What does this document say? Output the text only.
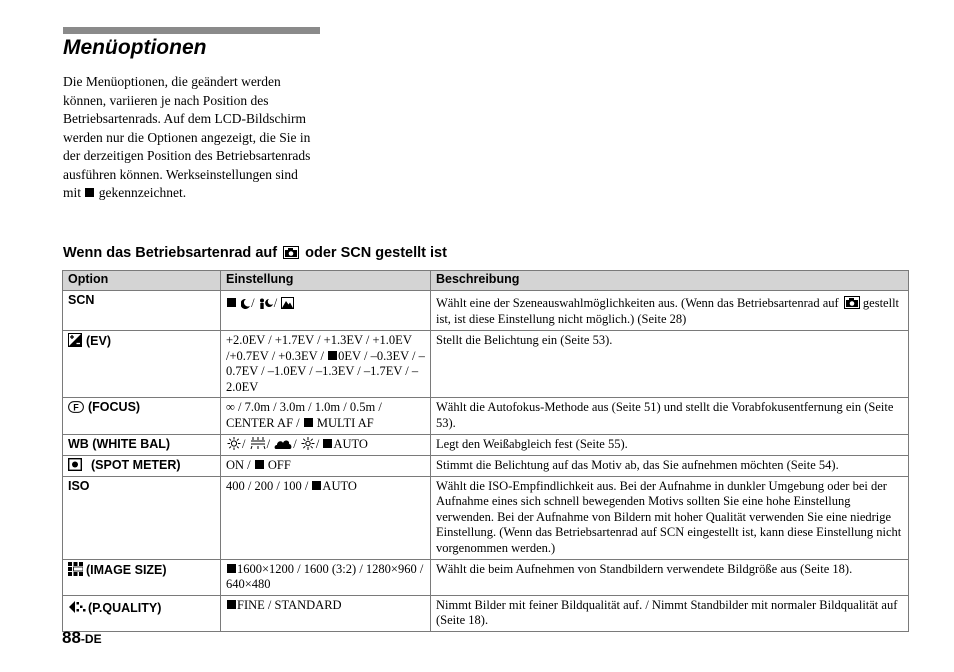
Menüoptionen

Die Menüoptionen, die geändert werden können, variieren je nach Position des Betriebsartenrads. Auf dem LCD-Bildschirm werden nur die Optionen angezeigt, die Sie in der derzeitigen Position des Betriebsartenrads ausführen können. Werkseinstellungen sind mit gekennzeichnet.

Wenn das Betriebsartenrad auf oder SCN gestellt ist
Option	Einstellung	Beschreibung
SCN	/ /	Wählt eine der Szeneauswahlmöglichkeiten aus. (Wenn das Betriebsartenrad auf gestellt ist, ist diese Einstellung nicht möglich.) (Seite 28)
(EV)	+2.0EV / +1.7EV / +1.3EV / +1.0EV /+0.7EV / +0.3EV / 0EV / –0.3EV / –0.7EV / –1.0EV / –1.3EV / –1.7EV / –2.0EV	Stellt die Belichtung ein (Seite 53).

F (FOCUS)	∞ / 7.0m / 3.0m / 1.0m / 0.5m / CENTER AF / MULTI AF	Wählt die Autofokus-Methode aus (Seite 51) und stellt die Vorabfokusentfernung ein (Seite 53).
WB (WHITE BAL)	/ / / / AUTO	Legt den Weißabgleich fest (Seite 55).
(SPOT METER)	ON / OFF	Stimmt die Belichtung auf das Motiv ab, das Sie aufnehmen möchten (Seite 54).
ISO	400 / 200 / 100 / AUTO	Wählt die ISO-Empfindlichkeit aus. Bei der Aufnahme in dunkler Umgebung oder bei der Aufnahme eines sich schnell bewegenden Motivs sollten Sie eine hohe Einstellung verwenden. Bei der Aufnahme von Bildern mit hoher Qualität verwenden Sie eine niedrige Einstellung. (Wenn das Betriebsartenrad auf SCN eingestellt ist, kann diese Einstellung nicht vorgenommen werden.)
(IMAGE SIZE)	1600×1200 / 1600 (3:2) / 1280×960 / 640×480	Wählt die beim Aufnehmen von Standbildern verwendete Bildgröße aus (Seite 18).
(P.QUALITY)	FINE / STANDARD	Nimmt Bilder mit feiner Bildqualität auf. / Nimmt Standbilder mit normaler Bildqualität auf (Seite 18).
88-DE
